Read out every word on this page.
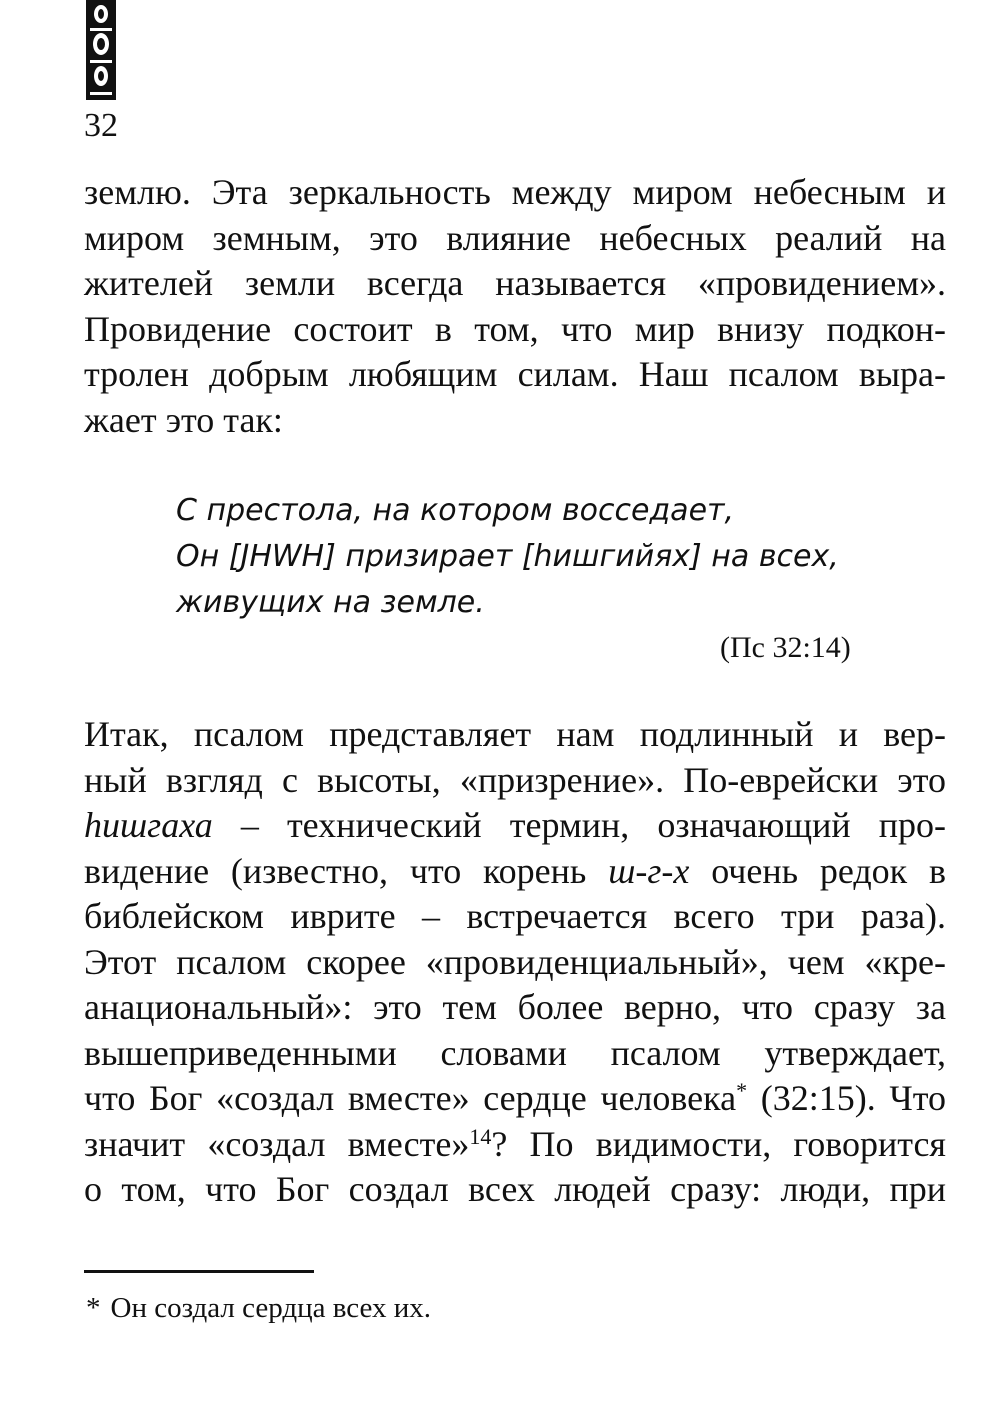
32
землю. Эта зеркальность между миром небесным и
миром земным, это влияние небесных реалий на
жителей земли всегда называется «провидением».
Провидение состоит в том, что мир внизу подкон-
тролен добрым любящим силам. Наш псалом выра-
жает это так:
С престола, на котором восседает,
Он [JHWH] призирает [hишгийях] на всех,
живущих на земле.
(Пс 32:14)
Итак, псалом представляет нам подлинный и вер-
ный взгляд с высоты, «призрение». По-еврейски это
hишгаха – технический термин, означающий про-
видение (известно, что корень ш-г-х очень редок в
библейском иврите – встречается всего три раза).
Этот псалом скорее «провиденциальный», чем «кре-
анациональный»: это тем более верно, что сразу за
вышеприведенными словами псалом утверждает,
что Бог «создал вместе» сердце человека* (32:15). Что
значит «создал вместе»$^{14}$? По видимости, говорится
о том, что Бог создал всех людей сразу: люди, при
* Он создал сердца всех их.
